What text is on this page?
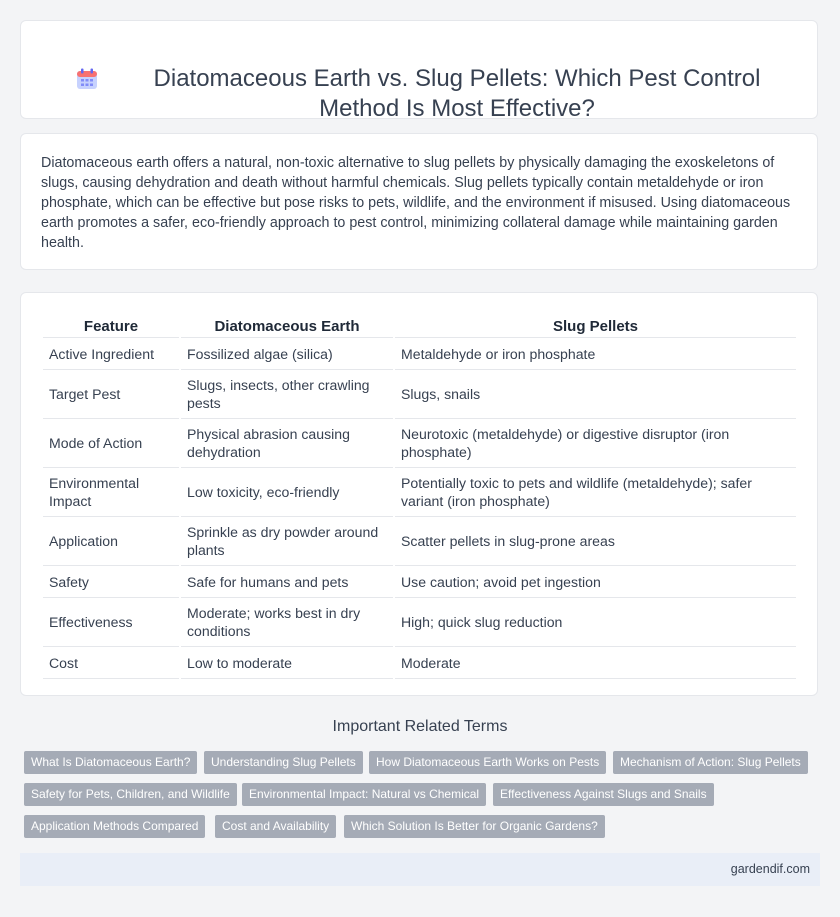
Diatomaceous Earth vs. Slug Pellets: Which Pest Control Method Is Most Effective?

Diatomaceous earth offers a natural, non-toxic alternative to slug pellets by physically damaging the exoskeletons of slugs, causing dehydration and death without harmful chemicals. Slug pellets typically contain metaldehyde or iron phosphate, which can be effective but pose risks to pets, wildlife, and the environment if misused. Using diatomaceous earth promotes a safer, eco-friendly approach to pest control, minimizing collateral damage while maintaining garden health.

Feature	Diatomaceous Earth	Slug Pellets
Active Ingredient	Fossilized algae (silica)	Metaldehyde or iron phosphate
Target Pest	Slugs, insects, other crawling pests	Slugs, snails
Mode of Action	Physical abrasion causing dehydration	Neurotoxic (metaldehyde) or digestive disruptor (iron phosphate)
Environmental Impact	Low toxicity, eco-friendly	Potentially toxic to pets and wildlife (metaldehyde); safer variant (iron phosphate)
Application	Sprinkle as dry powder around plants	Scatter pellets in slug-prone areas
Safety	Safe for humans and pets	Use caution; avoid pet ingestion
Effectiveness	Moderate; works best in dry conditions	High; quick slug reduction
Cost	Low to moderate	Moderate
Important Related Terms
What Is Diatomaceous Earth?	Understanding Slug Pellets	How Diatomaceous Earth Works on Pests	Mechanism of Action: Slug Pellets
Safety for Pets, Children, and Wildlife	Environmental Impact: Natural vs Chemical	Effectiveness Against Slugs and Snails
Application Methods Compared	Cost and Availability	Which Solution Is Better for Organic Gardens?
gardendif.com
